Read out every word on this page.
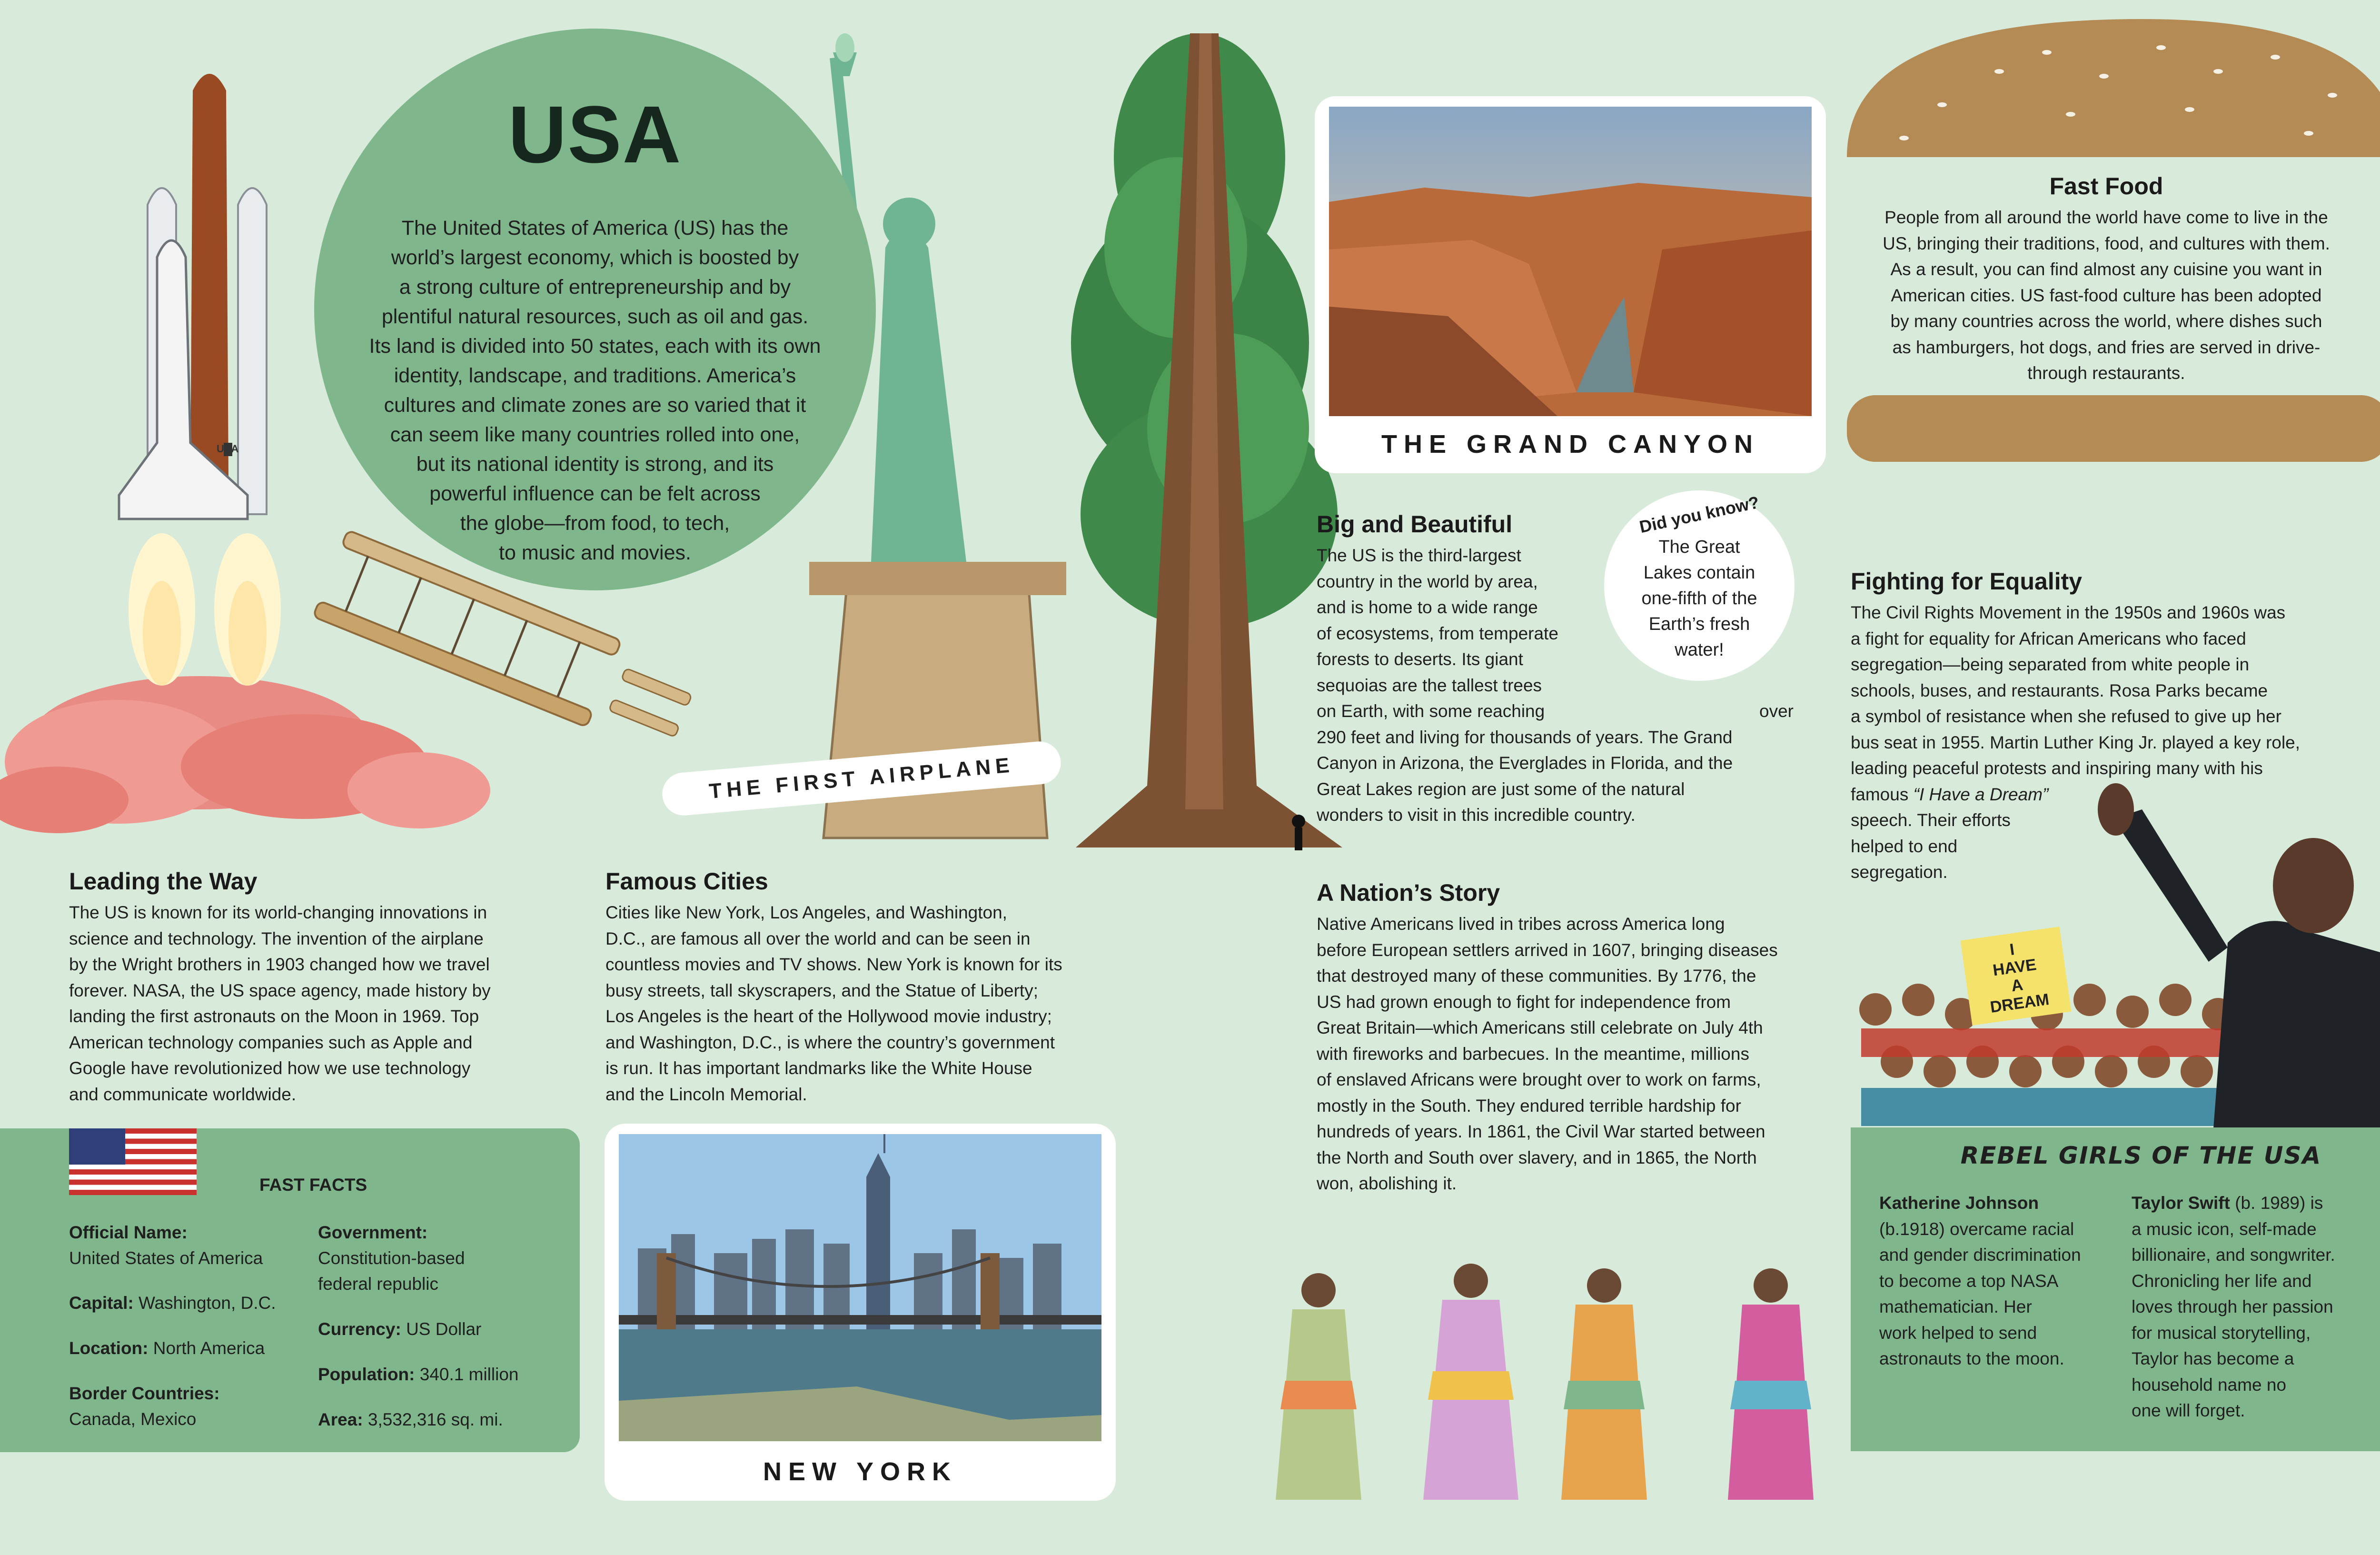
USA
THE FIRST AIRPLANE
USA
The United States of America (US) has the
world’s largest economy, which is boosted by
a strong culture of entrepreneurship and by
plentiful natural resources, such as oil and gas.
Its land is divided into 50 states, each with its own
identity, landscape, and traditions. America’s
cultures and climate zones are so varied that it
can seem like many countries rolled into one,
but its national identity is strong, and its
powerful influence can be felt across
the globe—from food, to tech,
to music and movies.
THE GRAND CANYON
NEW YORK
Leading the Way
The US is known for its world-changing innovations in
science and technology. The invention of the airplane
by the Wright brothers in 1903 changed how we travel
forever. NASA, the US space agency, made history by
landing the first astronauts on the Moon in 1969. Top
American technology companies such as Apple and
Google have revolutionized how we use technology
and communicate worldwide.
Famous Cities
Cities like New York, Los Angeles, and Washington,
D.C., are famous all over the world and can be seen in
countless movies and TV shows. New York is known for its
busy streets, tall skyscrapers, and the Statue of Liberty;
Los Angeles is the heart of the Hollywood movie industry;
and Washington, D.C., is where the country’s government
is run. It has important landmarks like the White House
and the Lincoln Memorial.
Big and Beautiful
The US is the third-largest
country in the world by area,
and is home to a wide range
of ecosystems, from temperate
forests to deserts. Its giant
sequoias are the tallest trees
on Earth, with some reaching	over
290 feet and living for thousands of years. The Grand
Canyon in Arizona, the Everglades in Florida, and the
Great Lakes region are just some of the natural
wonders to visit in this incredible country.
Did you know?
The Great
Lakes contain
one-fifth of the
Earth’s fresh
water!
A Nation’s Story
Native Americans lived in tribes across America long
before European settlers arrived in 1607, bringing diseases
that destroyed many of these communities. By 1776, the
US had grown enough to fight for independence from
Great Britain—which Americans still celebrate on July 4th
with fireworks and barbecues. In the meantime, millions
of enslaved Africans were brought over to work on farms,
mostly in the South. They endured terrible hardship for
hundreds of years. In 1861, the Civil War started between
the North and South over slavery, and in 1865, the North
won, abolishing it.
Fast Food
People from all around the world have come to live in the
US, bringing their traditions, food, and cultures with them.
As a result, you can find almost any cuisine you want in
American cities. US fast-food culture has been adopted
by many countries across the world, where dishes such
as hamburgers, hot dogs, and fries are served in drive-
through restaurants.
Fighting for Equality
The Civil Rights Movement in the 1950s and 1960s was
a fight for equality for African Americans who faced
segregation—being separated from white people in
schools, buses, and restaurants. Rosa Parks became
a symbol of resistance when she refused to give up her
bus seat in 1955. Martin Luther King Jr. played a key role,
leading peaceful protests and inspiring many with his
famous “I Have a Dream”
speech. Their efforts
helped to end
segregation.
I
HAVE
A
DREAM
FAST FACTS
Official Name:
United States of America
Capital: Washington, D.C.
Location: North America
Border Countries:
Canada, Mexico
Government:
Constitution-based federal republic
Currency: US Dollar
Population: 340.1 million
Area: 3,532,316 sq. mi.
REBEL GIRLS OF THE USA
Katherine Johnson
(b.1918) overcame racial
and gender discrimination
to become a top NASA
mathematician. Her
work helped to send
astronauts to the moon.
Taylor Swift (b. 1989) is
a music icon, self-made
billionaire, and songwriter.
Chronicling her life and
loves through her passion
for musical storytelling,
Taylor has become a
household name no
one will forget.
